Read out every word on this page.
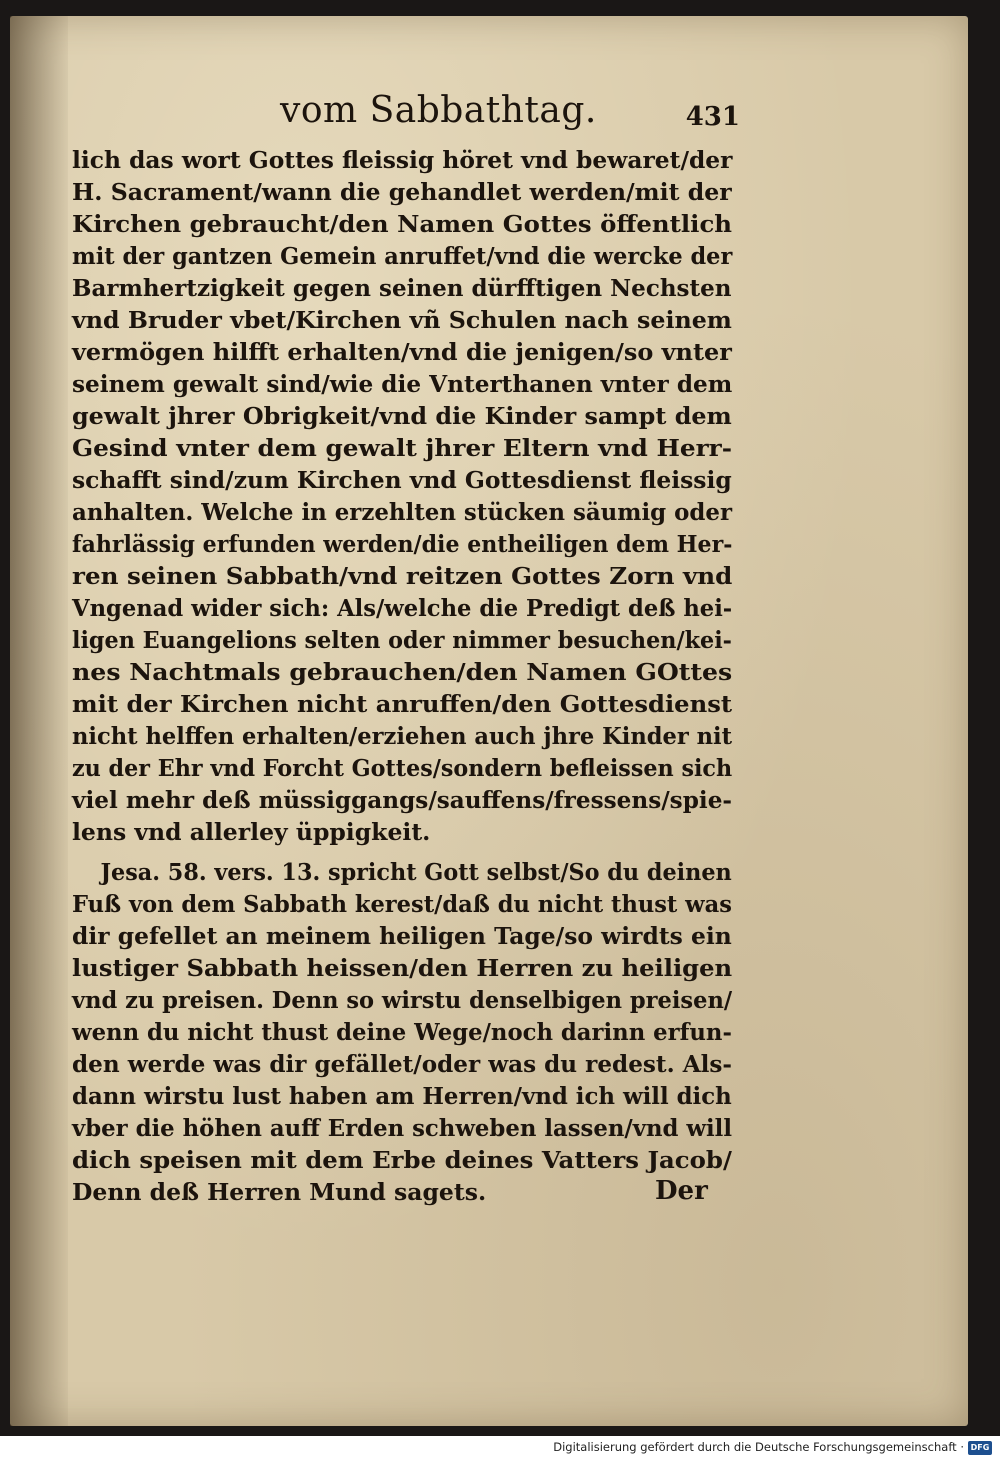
vom Sabbathtag.	431
lich das wort Gottes fleissig höret vnd bewaret/der
H. Sacrament/wann die gehandlet werden/mit der
Kirchen gebraucht/den Namen Gottes öffentlich
mit der gantzen Gemein anruffet/vnd die wercke der
Barmhertzigkeit gegen seinen dürfftigen Nechsten
vnd Bruder vbet/Kirchen vñ Schulen nach seinem
vermögen hilfft erhalten/vnd die jenigen/so vnter
seinem gewalt sind/wie die Vnterthanen vnter dem
gewalt jhrer Obrigkeit/vnd die Kinder sampt dem
Gesind vnter dem gewalt jhrer Eltern vnd Herr-
schafft sind/zum Kirchen vnd Gottesdienst fleissig
anhalten. Welche in erzehlten stücken säumig oder
fahrlässig erfunden werden/die entheiligen dem Her-
ren seinen Sabbath/vnd reitzen Gottes Zorn vnd
Vngenad wider sich: Als/welche die Predigt deß hei-
ligen Euangelions selten oder nimmer besuchen/kei-
nes Nachtmals gebrauchen/den Namen GOttes
mit der Kirchen nicht anruffen/den Gottesdienst
nicht helffen erhalten/erziehen auch jhre Kinder nit
zu der Ehr vnd Forcht Gottes/sondern befleissen sich
viel mehr deß müssiggangs/sauffens/fressens/spie-
lens vnd allerley üppigkeit.
Jesa. 58. vers. 13. spricht Gott selbst/So du deinen
Fuß von dem Sabbath kerest/daß du nicht thust was
dir gefellet an meinem heiligen Tage/so wirdts ein
lustiger Sabbath heissen/den Herren zu heiligen
vnd zu preisen. Denn so wirstu denselbigen preisen/
wenn du nicht thust deine Wege/noch darinn erfun-
den werde was dir gefället/oder was du redest. Als-
dann wirstu lust haben am Herren/vnd ich will dich
vber die höhen auff Erden schweben lassen/vnd will
dich speisen mit dem Erbe deines Vatters Jacob/
Denn deß Herren Mund sagets.	Der
Digitalisierung gefördert durch die Deutsche Forschungsgemeinschaft · DFG
